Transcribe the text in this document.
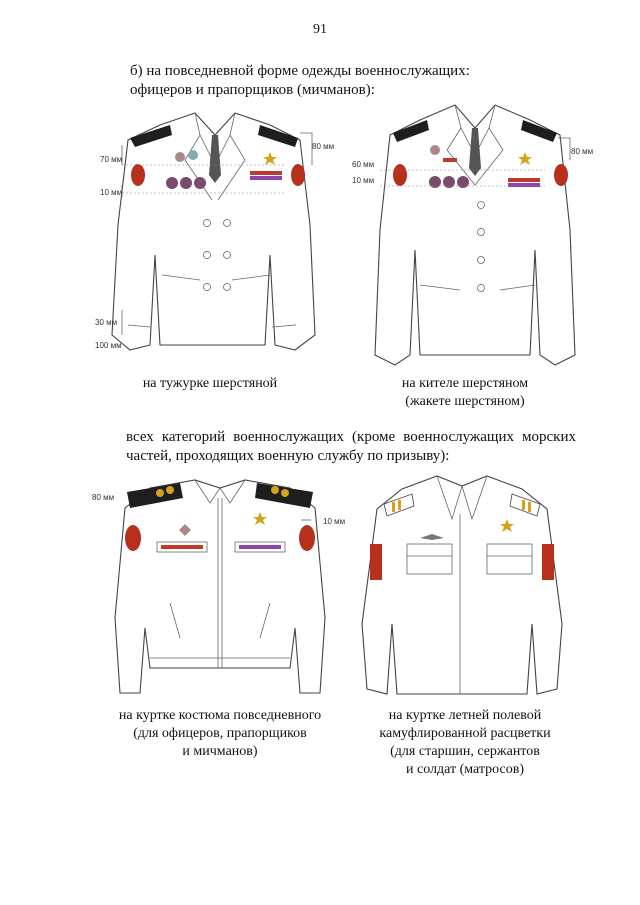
91
б) на повседневной форме одежды военнослужащих:
офицеров и прапорщиков (мичманов):
70 мм
10 мм
80 мм
30 мм
100 мм
на тужурке шерстяной
60 мм
10 мм
80 мм
на кителе шерстяном
(жакете шерстяном)
всех категорий военнослужащих (кроме военнослужащих морских частей, проходящих военную службу по призыву):
80 мм
10 мм
на куртке костюма повседневного
(для офицеров, прапорщиков
и мичманов)
на куртке летней полевой
камуфлированной расцветки
(для старшин, сержантов
и солдат (матросов)
